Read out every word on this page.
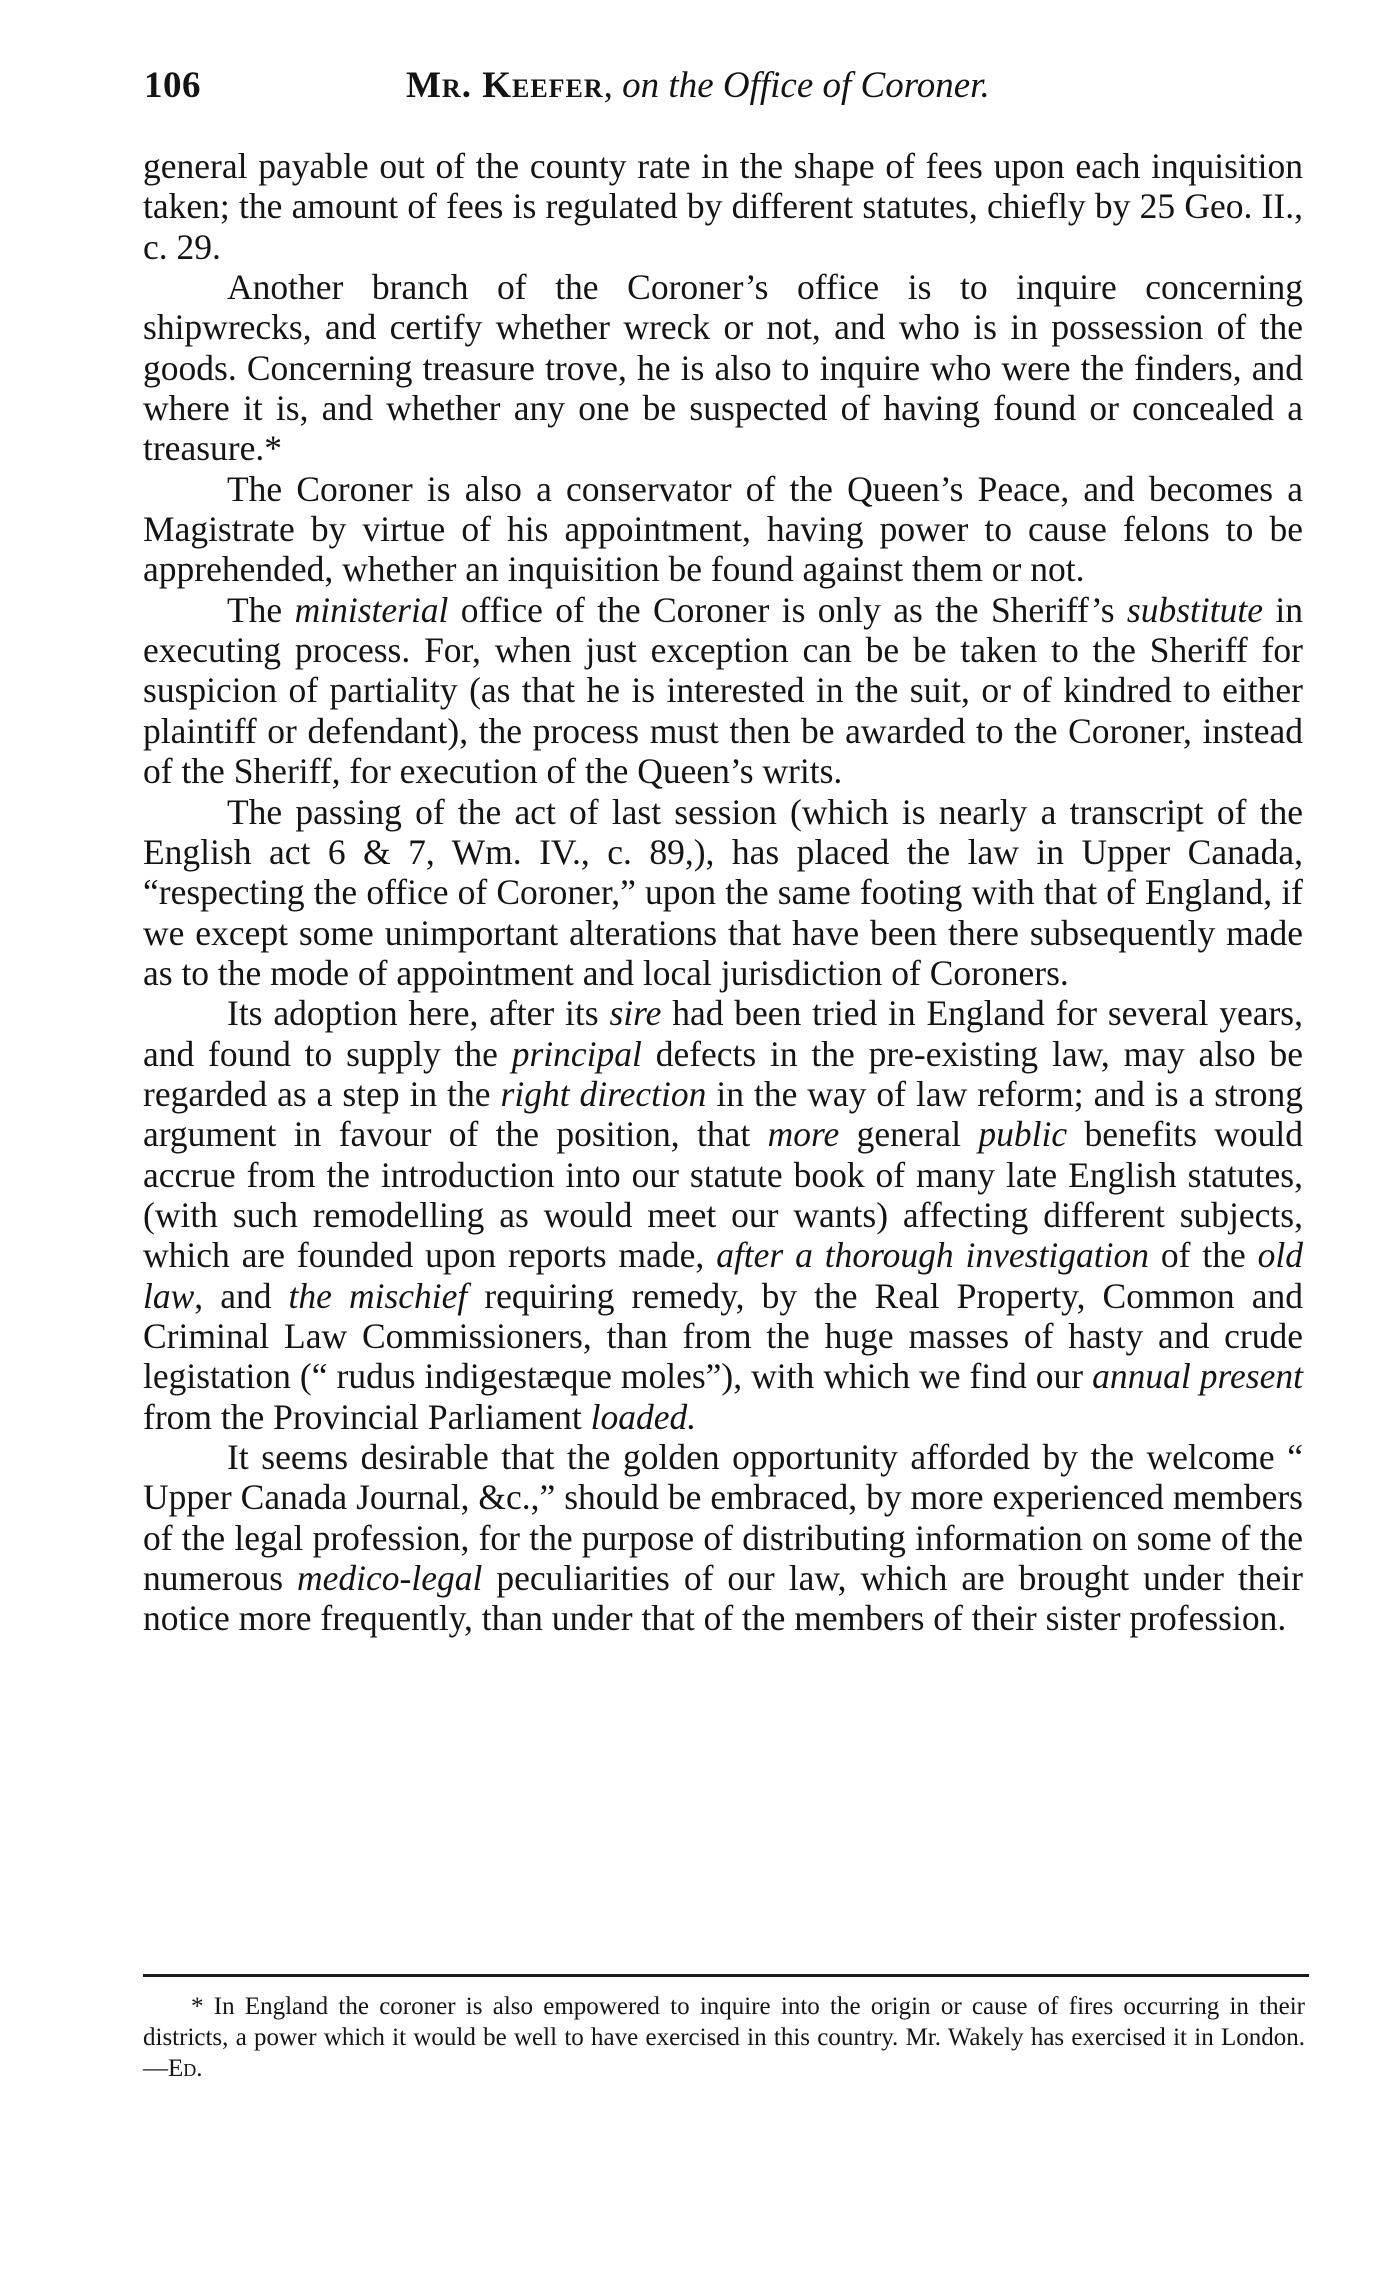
106	Mr. Keefer, on the Office of Coroner.

general payable out of the county rate in the shape of fees upon each inquisition taken; the amount of fees is regulated by different statutes, chiefly by 25 Geo. II., c. 29.

Another branch of the Coroner’s office is to inquire concerning shipwrecks, and certify whether wreck or not, and who is in possession of the goods. Concerning treasure trove, he is also to inquire who were the finders, and where it is, and whether any one be suspected of having found or concealed a treasure.*

The Coroner is also a conservator of the Queen’s Peace, and becomes a Magistrate by virtue of his appointment, having power to cause felons to be apprehended, whether an inquisition be found against them or not.

The ministerial office of the Coroner is only as the Sheriff’s substitute in executing process. For, when just exception can be be taken to the Sheriff for suspicion of partiality (as that he is interested in the suit, or of kindred to either plaintiff or defendant), the process must then be awarded to the Coroner, instead of the Sheriff, for execution of the Queen’s writs.

The passing of the act of last session (which is nearly a transcript of the English act 6 & 7, Wm. IV., c. 89,), has placed the law in Upper Canada, “respecting the office of Coroner,” upon the same footing with that of England, if we except some unimportant alterations that have been there subsequently made as to the mode of appointment and local jurisdiction of Coroners.

Its adoption here, after its sire had been tried in England for several years, and found to supply the principal defects in the pre-existing law, may also be regarded as a step in the right direction in the way of law reform; and is a strong argument in favour of the position, that more general public benefits would accrue from the introduction into our statute book of many late English statutes, (with such remodelling as would meet our wants) affecting different subjects, which are founded upon reports made, after a thorough investigation of the old law, and the mischief requiring remedy, by the Real Property, Common and Criminal Law Commissioners, than from the huge masses of hasty and crude legistation (“ rudus indigestæque moles”), with which we find our annual present from the Provincial Parliament loaded.

It seems desirable that the golden opportunity afforded by the welcome “ Upper Canada Journal, &c.,” should be embraced, by more experienced members of the legal profession, for the purpose of distributing information on some of the numerous medico-legal peculiarities of our law, which are brought under their notice more frequently, than under that of the members of their sister profession.

* In England the coroner is also empowered to inquire into the origin or cause of fires occurring in their districts, a power which it would be well to have exercised in this country. Mr. Wakely has exercised it in London.—Ed.
